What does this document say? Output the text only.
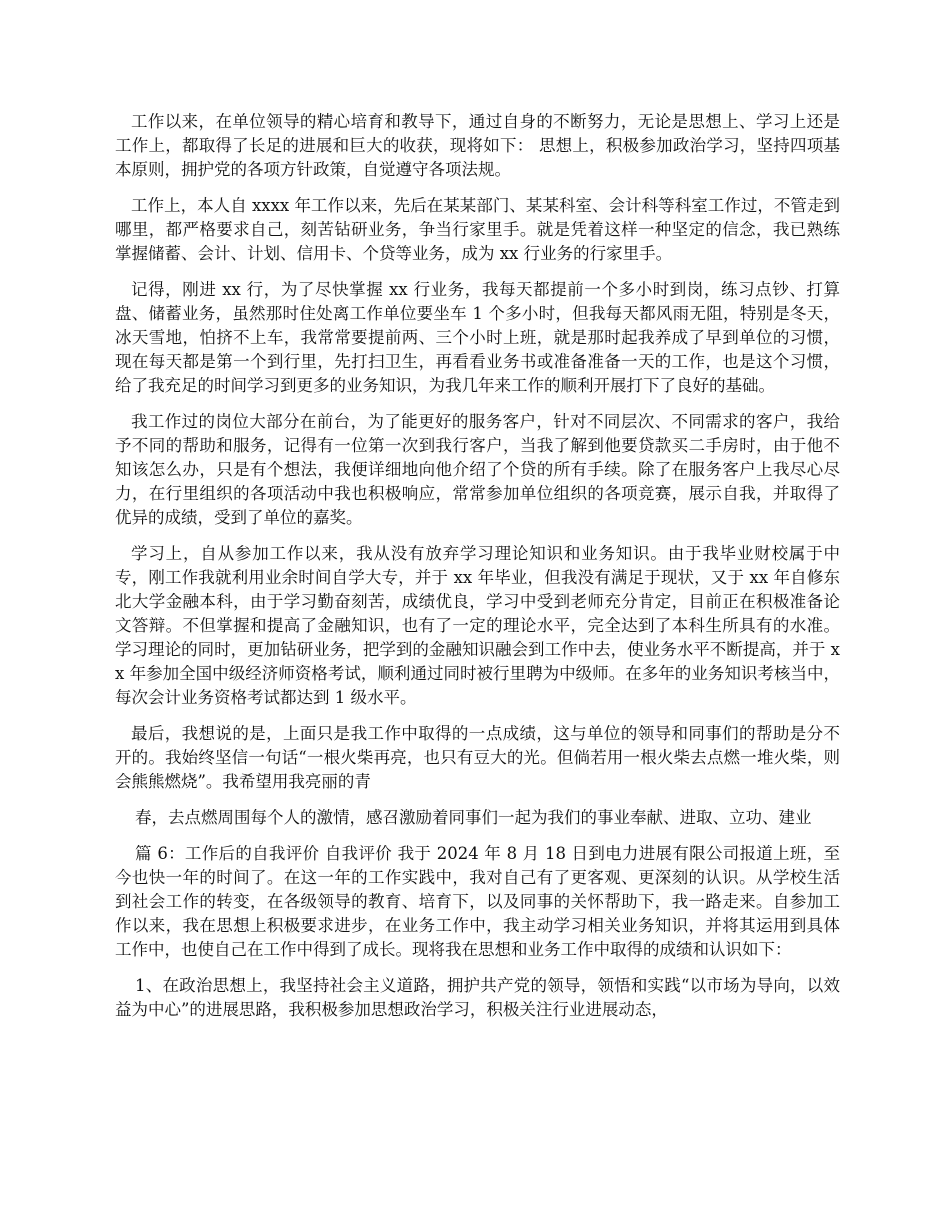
工作以来，在单位领导的精心培育和教导下，通过自身的不断努力，无论是思想上、学习上还是工作上，都取得了长足的进展和巨大的收获，现将如下： 思想上，积极参加政治学习，坚持四项基本原则，拥护党的各项方针政策，自觉遵守各项法规。

工作上，本人自 xxxx 年工作以来，先后在某某部门、某某科室、会计科等科室工作过，不管走到哪里，都严格要求自己，刻苦钻研业务，争当行家里手。就是凭着这样一种坚定的信念，我已熟练掌握储蓄、会计、计划、信用卡、个贷等业务，成为 xx 行业务的行家里手。

记得，刚进 xx 行，为了尽快掌握 xx 行业务，我每天都提前一个多小时到岗，练习点钞、打算盘、储蓄业务，虽然那时住处离工作单位要坐车 1 个多小时，但我每天都风雨无阻，特别是冬天，冰天雪地，怕挤不上车，我常常要提前两、三个小时上班，就是那时起我养成了早到单位的习惯，现在每天都是第一个到行里，先打扫卫生，再看看业务书或准备准备一天的工作，也是这个习惯，给了我充足的时间学习到更多的业务知识，为我几年来工作的顺利开展打下了良好的基础。

我工作过的岗位大部分在前台，为了能更好的服务客户，针对不同层次、不同需求的客户，我给予不同的帮助和服务，记得有一位第一次到我行客户，当我了解到他要贷款买二手房时，由于他不知该怎么办，只是有个想法，我便详细地向他介绍了个贷的所有手续。除了在服务客户上我尽心尽力，在行里组织的各项活动中我也积极响应，常常参加单位组织的各项竞赛，展示自我，并取得了优异的成绩，受到了单位的嘉奖。

学习上，自从参加工作以来，我从没有放弃学习理论知识和业务知识。由于我毕业财校属于中专，刚工作我就利用业余时间自学大专，并于 xx 年毕业，但我没有满足于现状，又于 xx 年自修东北大学金融本科，由于学习勤奋刻苦，成绩优良，学习中受到老师充分肯定，目前正在积极准备论文答辩。不但掌握和提高了金融知识，也有了一定的理论水平，完全达到了本科生所具有的水准。学习理论的同时，更加钻研业务，把学到的金融知识融会到工作中去，使业务水平不断提高，并于 xx 年参加全国中级经济师资格考试，顺利通过同时被行里聘为中级师。在多年的业务知识考核当中，每次会计业务资格考试都达到 1 级水平。

最后，我想说的是，上面只是我工作中取得的一点成绩，这与单位的领导和同事们的帮助是分不开的。我始终坚信一句话“一根火柴再亮，也只有豆大的光。但倘若用一根火柴去点燃一堆火柴，则会熊熊燃烧”。我希望用我亮丽的青

春，去点燃周围每个人的激情，感召激励着同事们一起为我们的事业奉献、进取、立功、建业

篇 6：工作后的自我评价 自我评价 我于 2024 年 8 月 18 日到电力进展有限公司报道上班，至今也快一年的时间了。在这一年的工作实践中，我对自己有了更客观、更深刻的认识。从学校生活到社会工作的转变，在各级领导的教育、培育下，以及同事的关怀帮助下，我一路走来。自参加工作以来，我在思想上积极要求进步，在业务工作中，我主动学习相关业务知识，并将其运用到具体工作中，也使自己在工作中得到了成长。现将我在思想和业务工作中取得的成绩和认识如下：

1、在政治思想上，我坚持社会主义道路，拥护共产党的领导，领悟和实践“以市场为导向，以效益为中心”的进展思路，我积极参加思想政治学习，积极关注行业进展动态，
